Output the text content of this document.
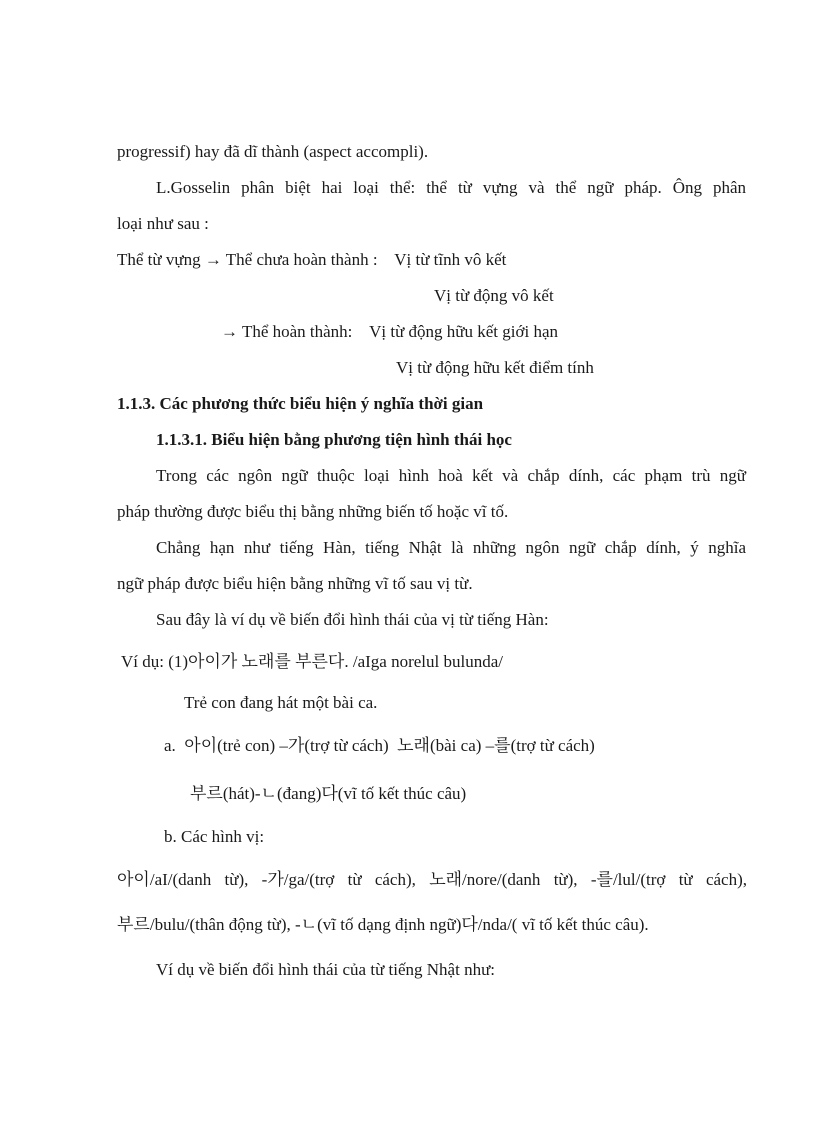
progressif) hay đã dĩ thành (aspect accompli).
L.Gosselin phân biệt hai loại thể: thể từ vựng và thể ngữ pháp. Ông phân
loại như sau :
Thể từ vựng → Thể chưa hoàn thành :    Vị từ tĩnh vô kết
Vị từ động vô kết
→ Thể hoàn thành:    Vị từ động hữu kết giới hạn
Vị từ động hữu kết điểm tính
1.1.3. Các phương thức biểu hiện ý nghĩa thời gian
1.1.3.1. Biểu hiện bằng phương tiện hình thái học
Trong các ngôn ngữ thuộc loại hình hoà kết và chắp dính, các phạm trù ngữ
pháp thường được biểu thị bằng những biến tố hoặc vĩ tố.
Chẳng hạn như tiếng Hàn, tiếng Nhật là những ngôn ngữ chắp dính, ý nghĩa
ngữ pháp được biểu hiện bằng những vĩ tố sau vị từ.
Sau đây là ví dụ về biến đổi hình thái của vị từ tiếng Hàn:
Ví dụ: (1)아이가 노래를 부른다. /aIga norelul bulunda/
Trẻ con đang hát một bài ca.
a.  아이(trẻ con) –가(trợ từ cách)  노래(bài ca) –를(trợ từ cách)
부르(hát)-ㄴ(đang)다(vĩ tố kết thúc câu)
b. Các hình vị:
아이/aI/(danh từ), -가/ga/(trợ từ cách), 노래/nore/(danh từ), -를/lul/(trợ từ cách),
부르/bulu/(thân động từ), -ㄴ(vĩ tố dạng định ngữ)다/nda/( vĩ tố kết thúc câu).
Ví dụ về biến đổi hình thái của từ tiếng Nhật như:
